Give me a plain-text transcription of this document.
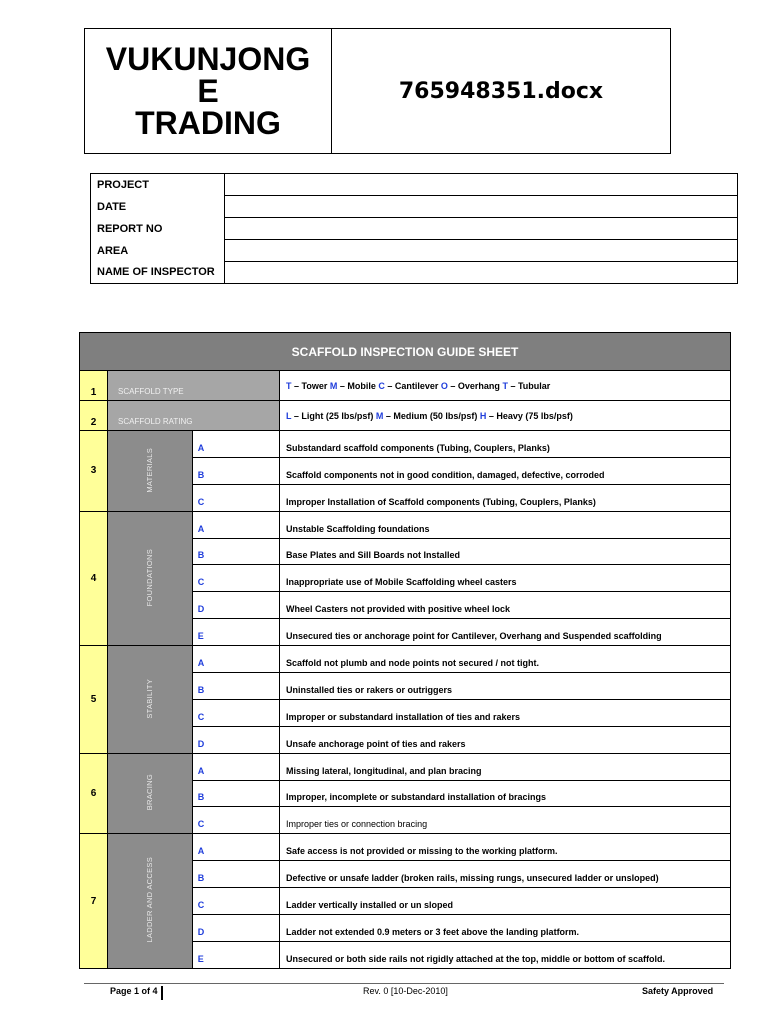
VUKUNJONG
E
TRADING
765948351.docx
PROJECT	
DATE	
REPORT NO	
AREA	
NAME OF INSPECTOR	
SCAFFOLD INSPECTION GUIDE SHEET			
1	SCAFFOLD TYPE		T – Tower M – Mobile C – Cantilever O – Overhang T – Tubular
2	SCAFFOLD RATING		L – Light (25 lbs/psf) M – Medium (50 lbs/psf) H – Heavy (75 lbs/psf)
3	MATERIALS	A	Substandard scaffold components (Tubing, Couplers, Planks)
		B	Scaffold components not in good condition, damaged, defective, corroded
		C	Improper Installation of Scaffold components (Tubing, Couplers, Planks)
4	FOUNDATIONS	A	Unstable Scaffolding foundations
		B	Base Plates and Sill Boards not Installed
		C	Inappropriate use of Mobile Scaffolding wheel casters
		D	Wheel Casters not provided with positive wheel lock
		E	Unsecured ties or anchorage point for Cantilever, Overhang and Suspended scaffolding
5	STABILITY	A	Scaffold not plumb and node points not secured / not tight.
		B	Uninstalled ties or rakers or outriggers
		C	Improper or substandard installation of ties and rakers
		D	Unsafe anchorage point of ties and rakers
6	BRACING	A	Missing lateral, longitudinal, and plan bracing
		B	Improper, incomplete or substandard installation of bracings
		C	Improper ties or connection bracing
7	LADDER AND ACCESS	A	Safe access is not provided or missing to the working platform.
		B	Defective or unsafe ladder (broken rails, missing rungs, unsecured ladder or unsloped)
		C	Ladder vertically installed or un sloped
		D	Ladder not extended 0.9 meters or 3 feet above the landing platform.
		E	Unsecured or both side rails not rigidly attached at the top, middle or bottom of scaffold.
Page 1 of 4	Rev. 0 [10-Dec-2010]	Safety Approved
